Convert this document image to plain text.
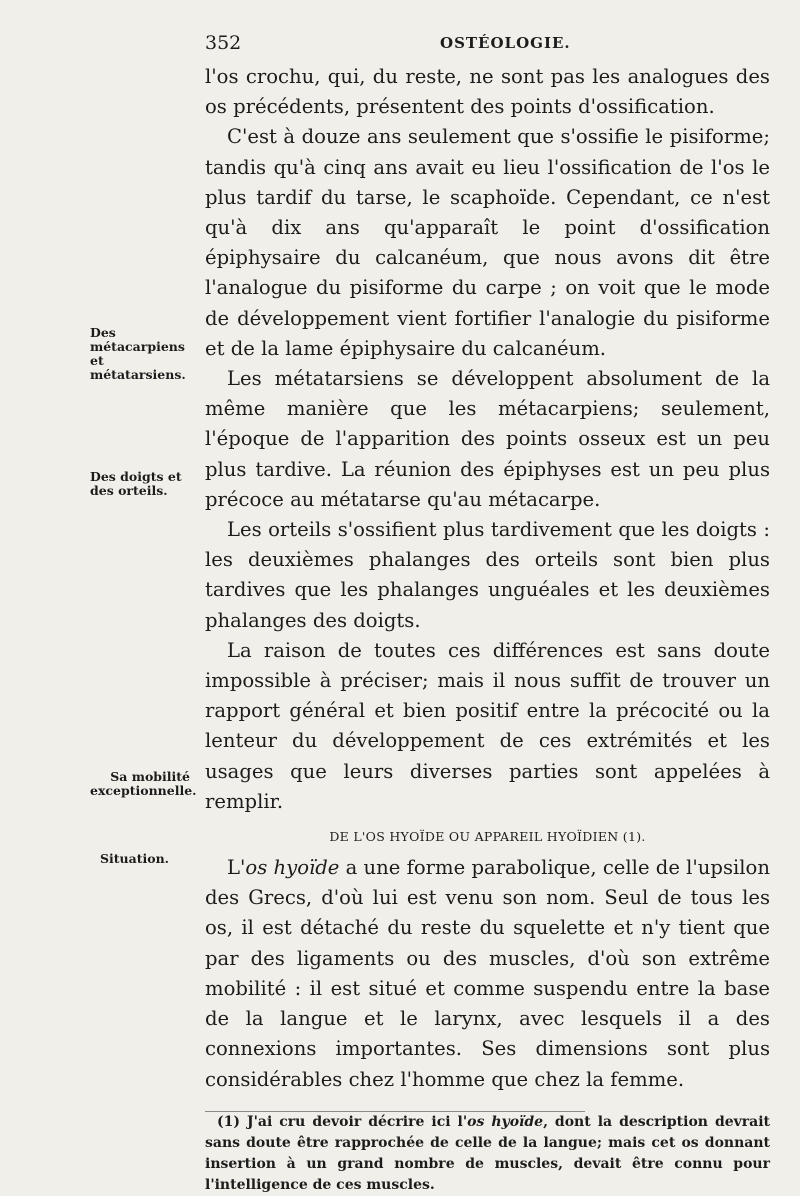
352	OSTÉOLOGIE.
Des métacarpiens et métatarsiens.
Des doigts et des orteils.
Sa mobilité exceptionnelle.
Situation.

l'os crochu, qui, du reste, ne sont pas les analogues des os précédents, présentent des points d'ossification.

C'est à douze ans seulement que s'ossifie le pisiforme; tandis qu'à cinq ans avait eu lieu l'ossification de l'os le plus tardif du tarse, le scaphoïde. Cependant, ce n'est qu'à dix ans qu'apparaît le point d'ossification épiphysaire du calcanéum, que nous avons dit être l'analogue du pisiforme du carpe ; on voit que le mode de développement vient fortifier l'analogie du pisiforme et de la lame épiphysaire du calcanéum.

Les métatarsiens se développent absolument de la même manière que les métacarpiens; seulement, l'époque de l'apparition des points osseux est un peu plus tardive. La réunion des épiphyses est un peu plus précoce au métatarse qu'au métacarpe.

Les orteils s'ossifient plus tardivement que les doigts : les deuxièmes phalanges des orteils sont bien plus tardives que les phalanges unguéales et les deuxièmes phalanges des doigts.

La raison de toutes ces différences est sans doute impossible à préciser; mais il nous suffit de trouver un rapport général et bien positif entre la précocité ou la lenteur du développement de ces extrémités et les usages que leurs diverses parties sont appelées à remplir.

DE L'OS HYOÏDE OU APPAREIL HYOÏDIEN (1).

L'os hyoïde a une forme parabolique, celle de l'upsilon des Grecs, d'où lui est venu son nom. Seul de tous les os, il est détaché du reste du squelette et n'y tient que par des ligaments ou des muscles, d'où son extrême mobilité : il est situé et comme suspendu entre la base de la langue et le larynx, avec lesquels il a des connexions importantes. Ses dimensions sont plus considérables chez l'homme que chez la femme.

(1) J'ai cru devoir décrire ici l'os hyoïde, dont la description devrait sans doute être rapprochée de celle de la langue; mais cet os donnant insertion à un grand nombre de muscles, devait être connu pour l'intelligence de ces muscles.
